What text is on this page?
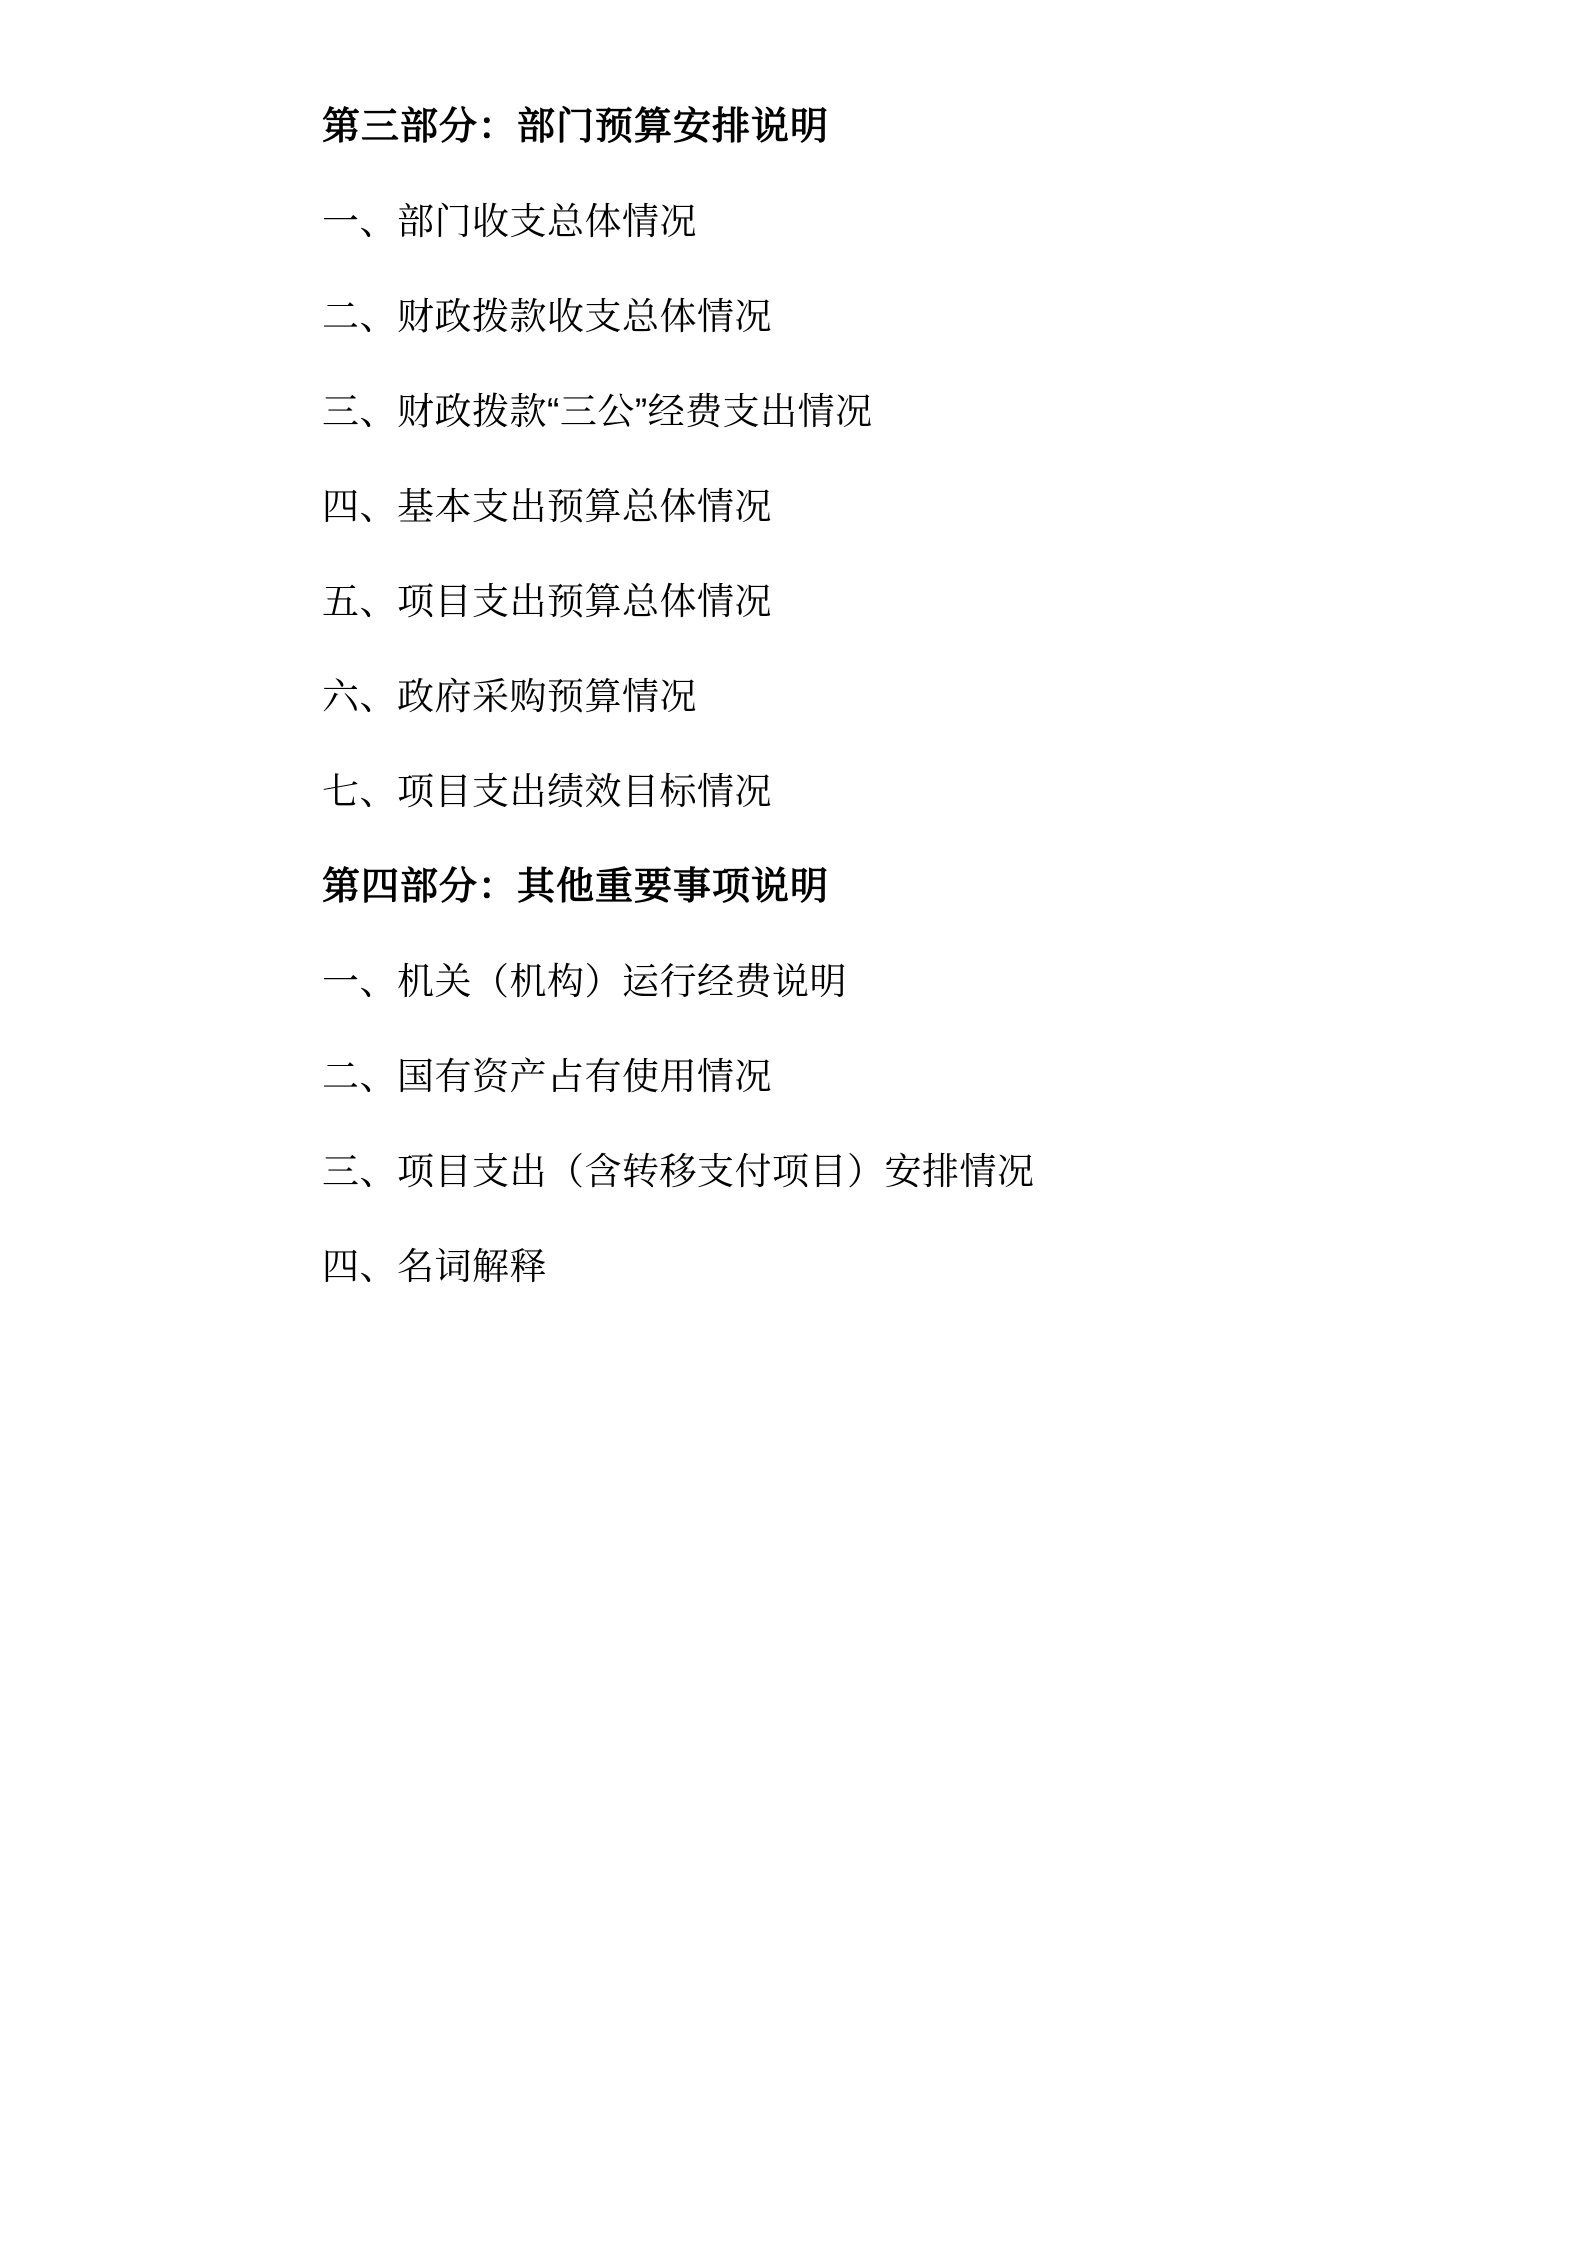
第三部分：部门预算安排说明
一、部门收支总体情况
二、财政拨款收支总体情况
三、财政拨款“三公”经费支出情况
四、基本支出预算总体情况
五、项目支出预算总体情况
六、政府采购预算情况
七、项目支出绩效目标情况
第四部分：其他重要事项说明
一、机关（机构）运行经费说明
二、国有资产占有使用情况
三、项目支出（含转移支付项目）安排情况
四、名词解释
